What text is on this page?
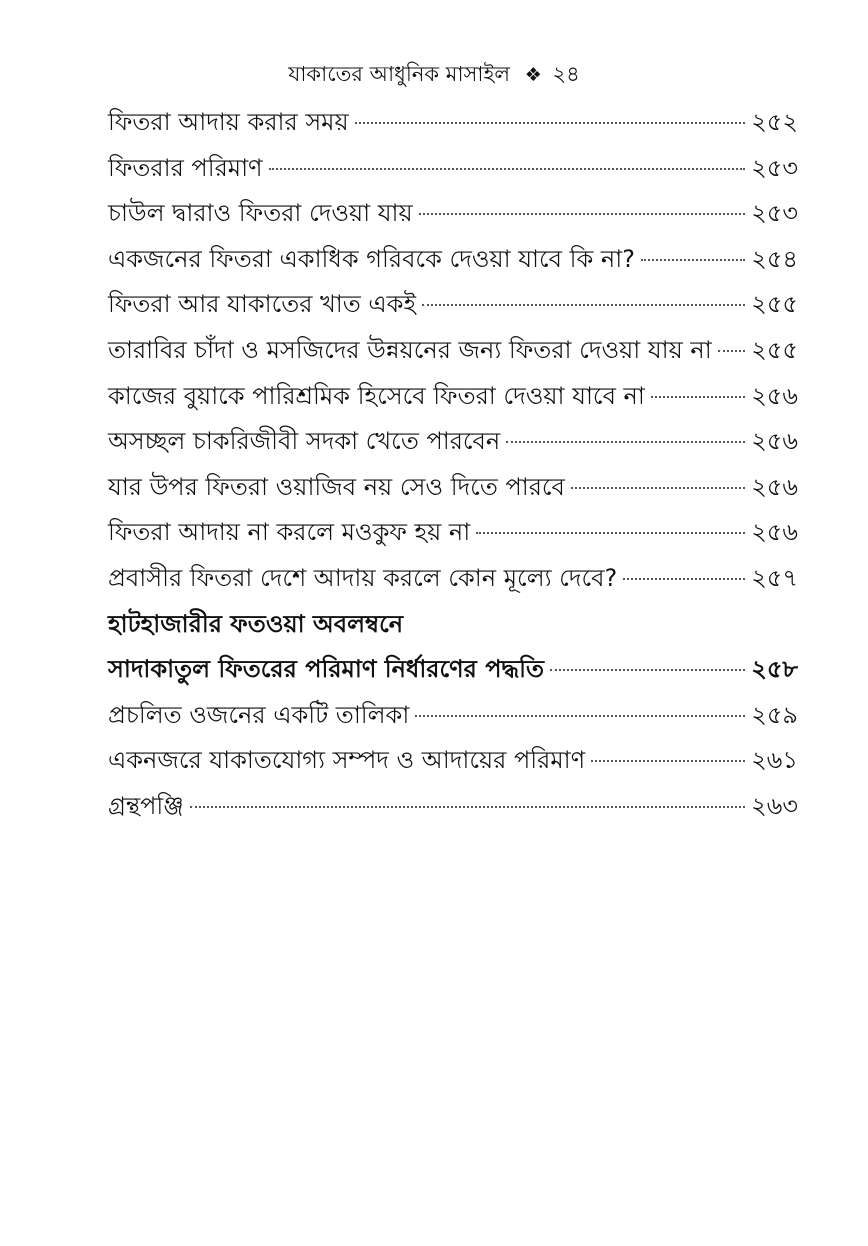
যাকাতের আধুনিক মাসাইল ❖ ২৪
ফিতরা আদায় করার সময়	২৫২
ফিতরার পরিমাণ	২৫৩
চাউল দ্বারাও ফিতরা দেওয়া যায়	২৫৩
একজনের ফিতরা একাধিক গরিবকে দেওয়া যাবে কি না?	২৫৪
ফিতরা আর যাকাতের খাত একই	২৫৫
তারাবির চাঁদা ও মসজিদের উন্নয়নের জন্য ফিতরা দেওয়া যায় না ২৫৫
কাজের বুয়াকে পারিশ্রমিক হিসেবে ফিতরা দেওয়া যাবে না	২৫৬
অসচ্ছল চাকরিজীবী সদকা খেতে পারবেন	২৫৬
যার উপর ফিতরা ওয়াজিব নয় সেও দিতে পারবে	২৫৬
ফিতরা আদায় না করলে মওকুফ হয় না	২৫৬
প্রবাসীর ফিতরা দেশে আদায় করলে কোন মূল্যে দেবে?	২৫৭
হাটহাজারীর ফতওয়া অবলম্বনে
সাদাকাতুল ফিতরের পরিমাণ নির্ধারণের পদ্ধতি	২৫৮
প্রচলিত ওজনের একটি তালিকা	২৫৯
একনজরে যাকাতযোগ্য সম্পদ ও আদায়ের পরিমাণ	২৬১
গ্রন্থপঞ্জি	২৬৩
